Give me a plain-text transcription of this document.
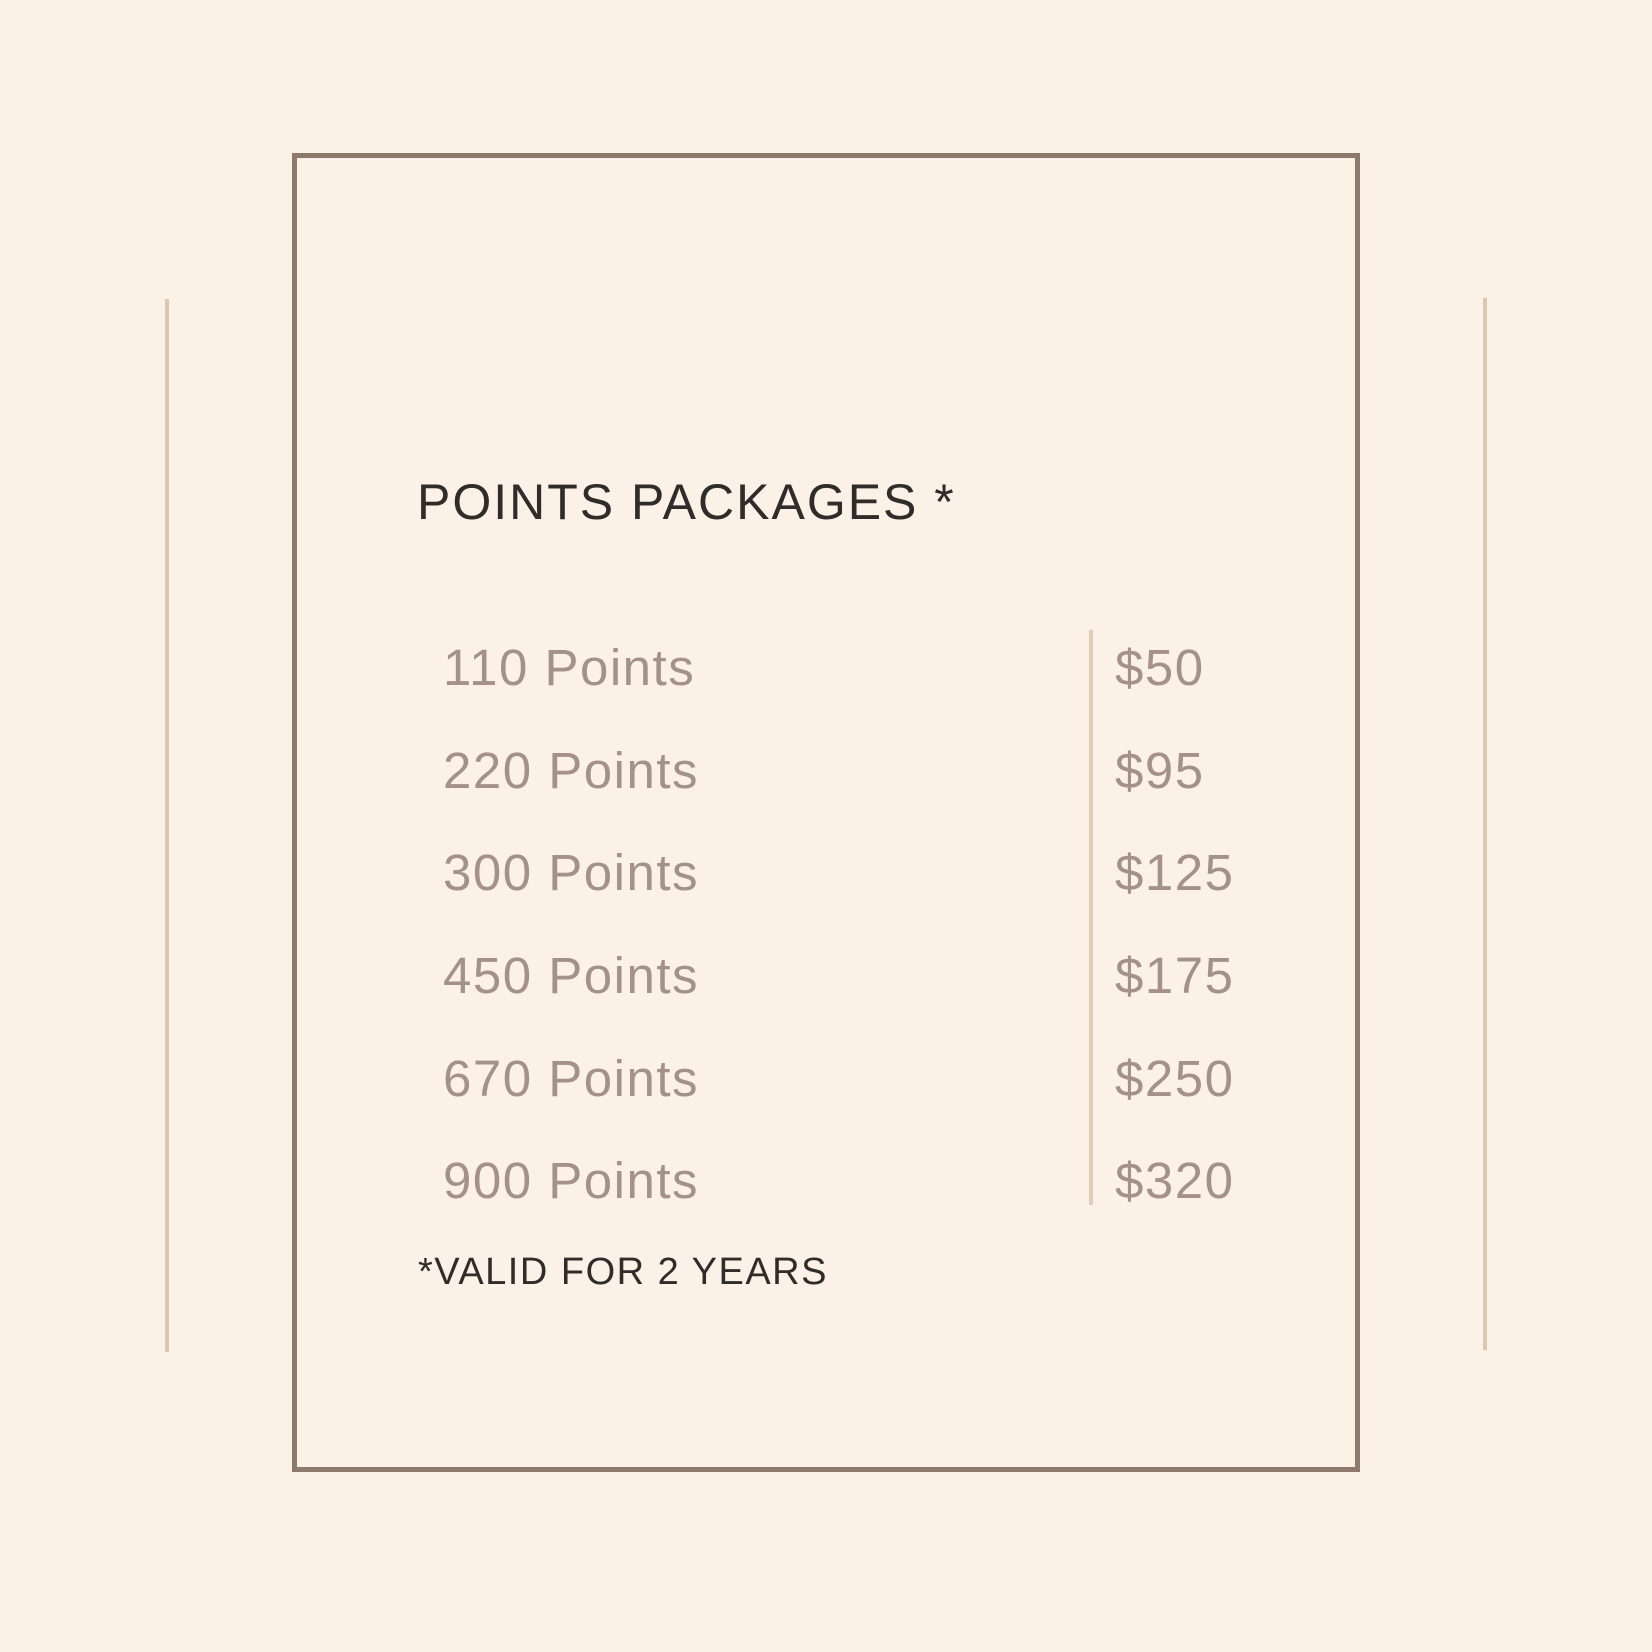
POINTS PACKAGES *
110 Points	$50
220 Points	$95
300 Points	$125
450 Points	$175
670 Points	$250
900 Points	$320
*VALID FOR 2 YEARS
